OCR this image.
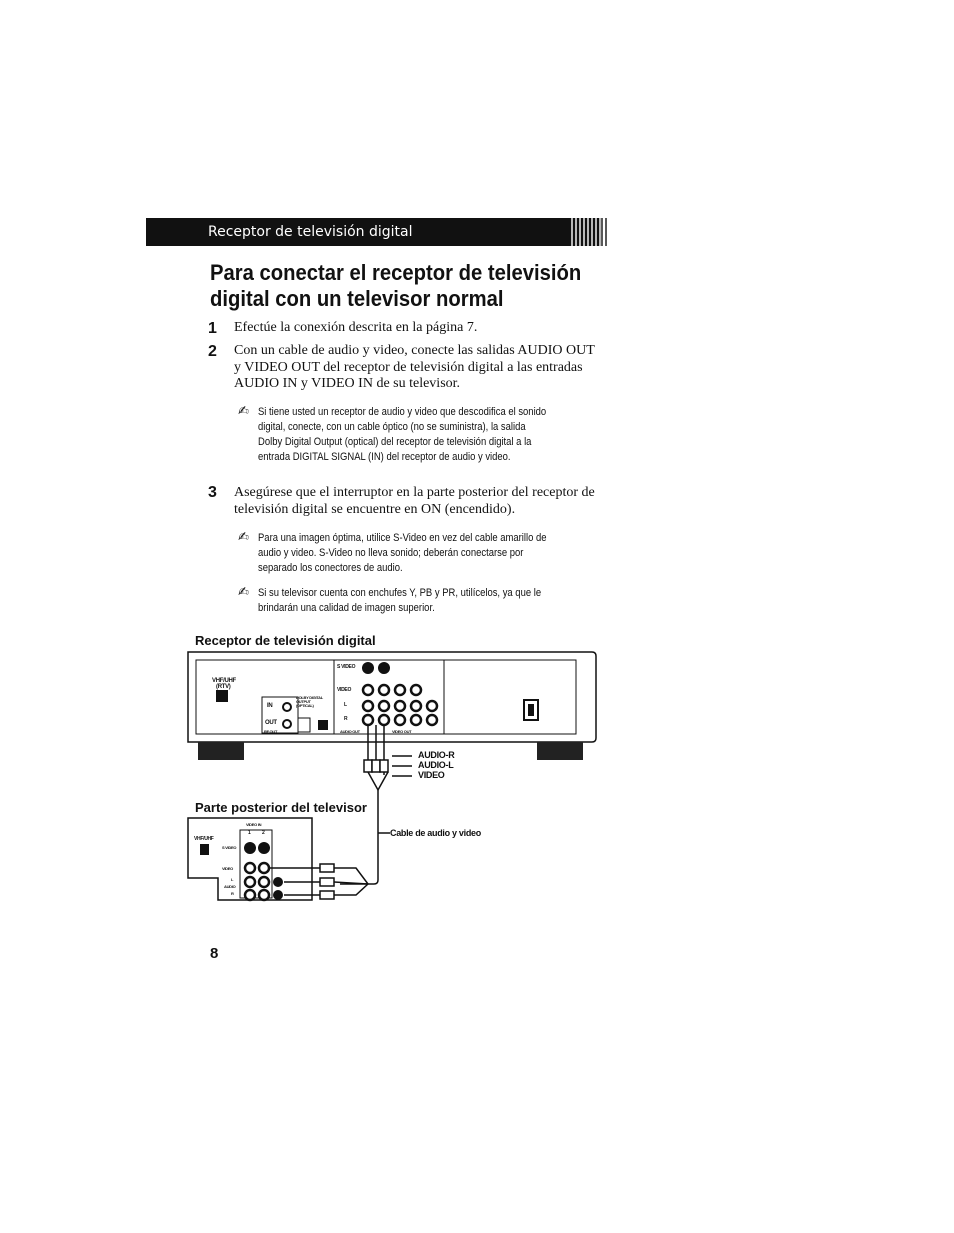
Receptor de televisión digital
Para conectar el receptor de televisión digital con un televisor normal
1 Efectúe la conexión descrita en la página 7.
2 Con un cable de audio y video, conecte las salidas AUDIO OUT y VIDEO OUT del receptor de televisión digital a las entradas AUDIO IN y VIDEO IN de su televisor.
✍ Si tiene usted un receptor de audio y video que descodifica el sonido digital, conecte, con un cable óptico (no se suministra), la salida Dolby Digital Output (optical) del receptor de televisión digital a la entrada DIGITAL SIGNAL (IN) del receptor de audio y video.
3 Asegúrese que el interruptor en la parte posterior del receptor de televisión digital se encuentre en ON (encendido).
✍ Para una imagen óptima, utilice S-Video en vez del cable amarillo de audio y video. S-Video no lleva sonido; deberán conectarse por separado los conectores de audio.
✍ Si su televisor cuenta con enchufes Y, PB y PR, utilícelos, ya que le brindarán una calidad de imagen superior.
Receptor de televisión digital
Parte posterior del televisor
VHF/UHF
(RTV)
IN
OUT
S VIDEO
VIDEO
L
R
DOLBY DIGITAL OUTPUT (OPTICAL)
RF OUT	AUDIO OUT	VIDEO OUT
AUDIO-R
AUDIO-L
VIDEO
Cable de audio y video
VHF/UHF
VIDEO IN
1 2
S VIDEO
VIDEO
L
AUDIO
R
8
